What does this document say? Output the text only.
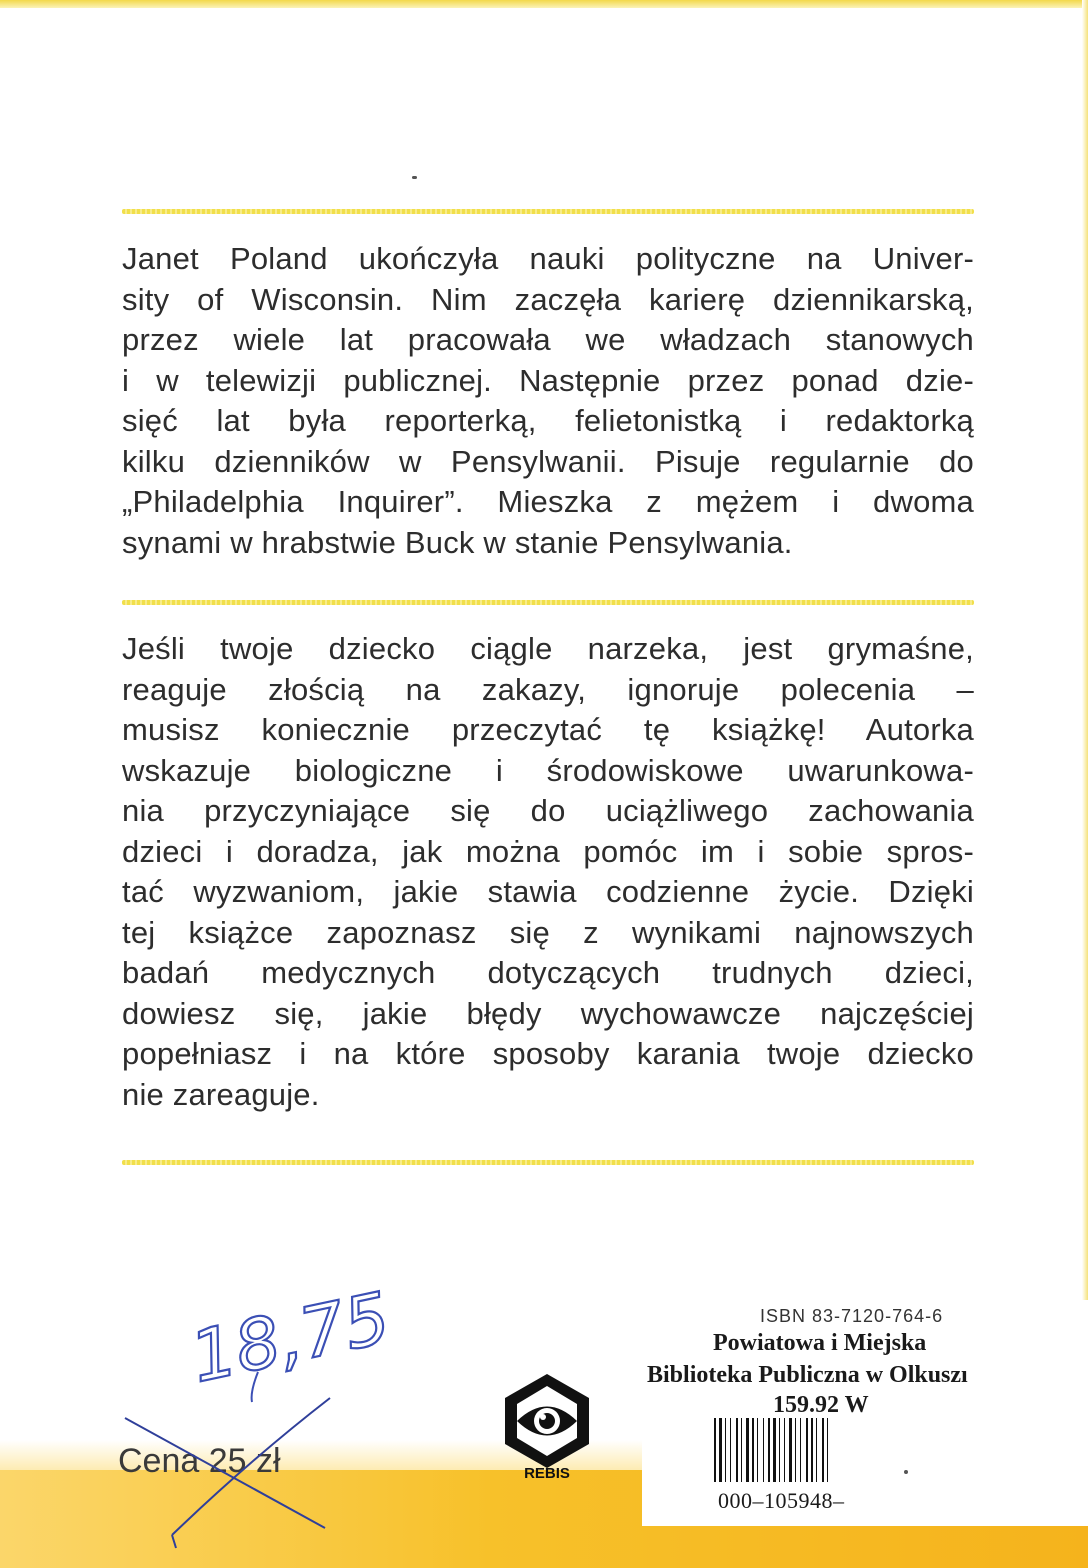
Janet Poland ukończyła nauki polityczne na Univer-
sity of Wisconsin. Nim zaczęła karierę dziennikarską,
przez wiele lat pracowała we władzach stanowych
i w telewizji publicznej. Następnie przez ponad dzie-
sięć lat była reporterką, felietonistką i redaktorką
kilku dzienników w Pensylwanii. Pisuje regularnie do
„Philadelphia Inquirer”. Mieszka z mężem i dwoma
synami w hrabstwie Buck w stanie Pensylwania.
Jeśli twoje dziecko ciągle narzeka, jest grymaśne,
reaguje złością na zakazy, ignoruje polecenia –
musisz koniecznie przeczytać tę książkę! Autorka
wskazuje biologiczne i środowiskowe uwarunkowa-
nia przyczyniające się do uciążliwego zachowania
dzieci i doradza, jak można pomóc im i sobie spros-
tać wyzwaniom, jakie stawia codzienne życie. Dzięki
tej książce zapoznasz się z wynikami najnowszych
badań medycznych dotyczących trudnych dzieci,
dowiesz się, jakie błędy wychowawcze najczęściej
popełniasz i na które sposoby karania twoje dziecko
nie zareaguje.
Cena 25 zł
18,75
REBIS
ISBN 83-7120-764-6
Powiatowa i Miejska
Biblioteka Publiczna w Olkuszı
159.92 W
000–105948–
